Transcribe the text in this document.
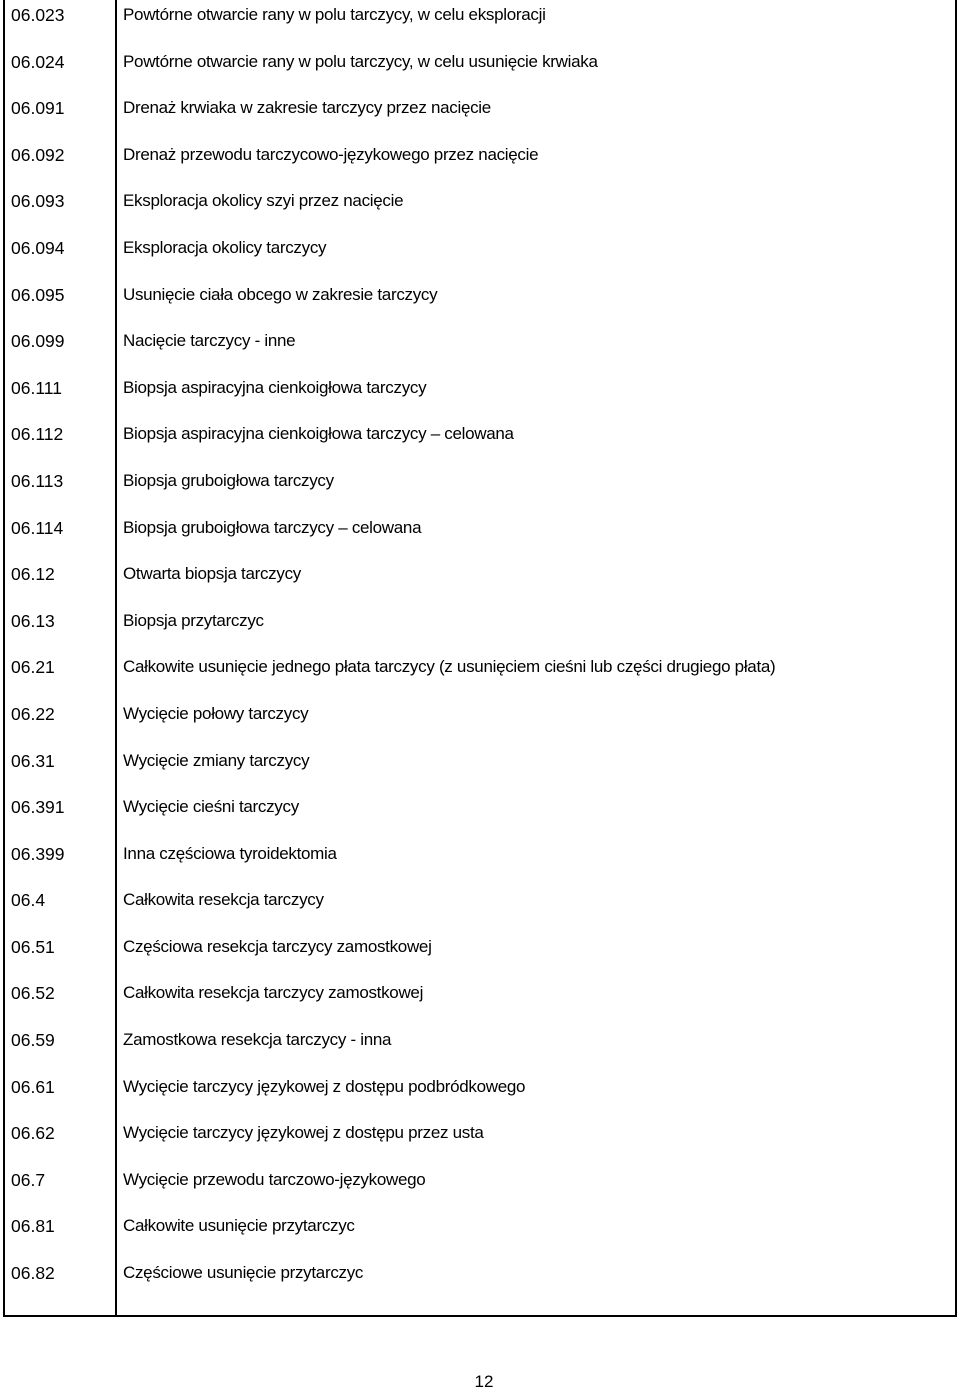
06.023	Powtórne otwarcie rany w polu tarczycy, w celu eksploracji
06.024	Powtórne otwarcie rany w polu tarczycy, w celu usunięcie krwiaka
06.091	Drenaż krwiaka w zakresie tarczycy przez nacięcie
06.092	Drenaż przewodu tarczycowo-językowego przez nacięcie
06.093	Eksploracja okolicy szyi przez nacięcie
06.094	Eksploracja okolicy tarczycy
06.095	Usunięcie ciała obcego w zakresie tarczycy
06.099	Nacięcie tarczycy - inne
06.111	Biopsja aspiracyjna cienkoigłowa tarczycy
06.112	Biopsja aspiracyjna cienkoigłowa tarczycy – celowana
06.113	Biopsja gruboigłowa tarczycy
06.114	Biopsja gruboigłowa tarczycy – celowana
06.12	Otwarta biopsja tarczycy
06.13	Biopsja przytarczyc
06.21	Całkowite usunięcie jednego płata tarczycy (z usunięciem cieśni lub części drugiego płata)
06.22	Wycięcie połowy tarczycy
06.31	Wycięcie zmiany tarczycy
06.391	Wycięcie cieśni tarczycy
06.399	Inna częściowa tyroidektomia
06.4	Całkowita resekcja tarczycy
06.51	Częściowa resekcja tarczycy zamostkowej
06.52	Całkowita resekcja tarczycy zamostkowej
06.59	Zamostkowa resekcja tarczycy - inna
06.61	Wycięcie tarczycy językowej z dostępu podbródkowego
06.62	Wycięcie tarczycy językowej z dostępu przez usta
06.7	Wycięcie przewodu tarczowo-językowego
06.81	Całkowite usunięcie przytarczyc
06.82	Częściowe usunięcie przytarczyc
12
